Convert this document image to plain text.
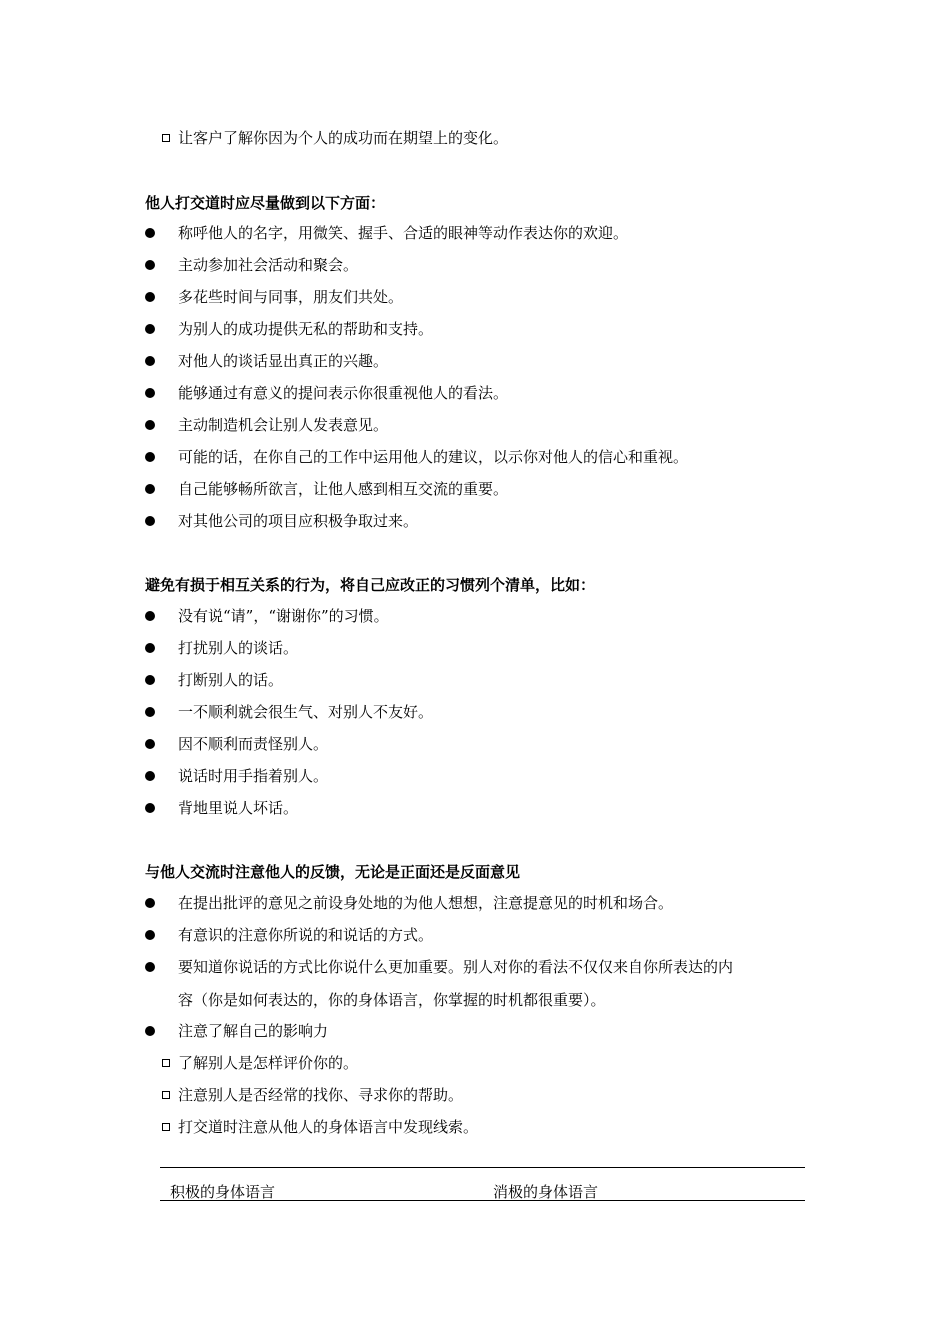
让客户了解你因为个人的成功而在期望上的变化。
他人打交道时应尽量做到以下方面：
称呼他人的名字，用微笑、握手、合适的眼神等动作表达你的欢迎。
主动参加社会活动和聚会。
多花些时间与同事，朋友们共处。
为别人的成功提供无私的帮助和支持。
对他人的谈话显出真正的兴趣。
能够通过有意义的提问表示你很重视他人的看法。
主动制造机会让别人发表意见。
可能的话，在你自己的工作中运用他人的建议，以示你对他人的信心和重视。
自己能够畅所欲言，让他人感到相互交流的重要。
对其他公司的项目应积极争取过来。
避免有损于相互关系的行为，将自己应改正的习惯列个清单，比如：
没有说“请”，“谢谢你”的习惯。
打扰别人的谈话。
打断别人的话。
一不顺利就会很生气、对别人不友好。
因不顺利而责怪别人。
说话时用手指着别人。
背地里说人坏话。
与他人交流时注意他人的反馈，无论是正面还是反面意见
在提出批评的意见之前设身处地的为他人想想，注意提意见的时机和场合。
有意识的注意你所说的和说话的方式。
要知道你说话的方式比你说什么更加重要。别人对你的看法不仅仅来自你所表达的内
容（你是如何表达的，你的身体语言，你掌握的时机都很重要）。
注意了解自己的影响力
了解别人是怎样评价你的。
注意别人是否经常的找你、寻求你的帮助。
打交道时注意从他人的身体语言中发现线索。
积极的身体语言	消极的身体语言
